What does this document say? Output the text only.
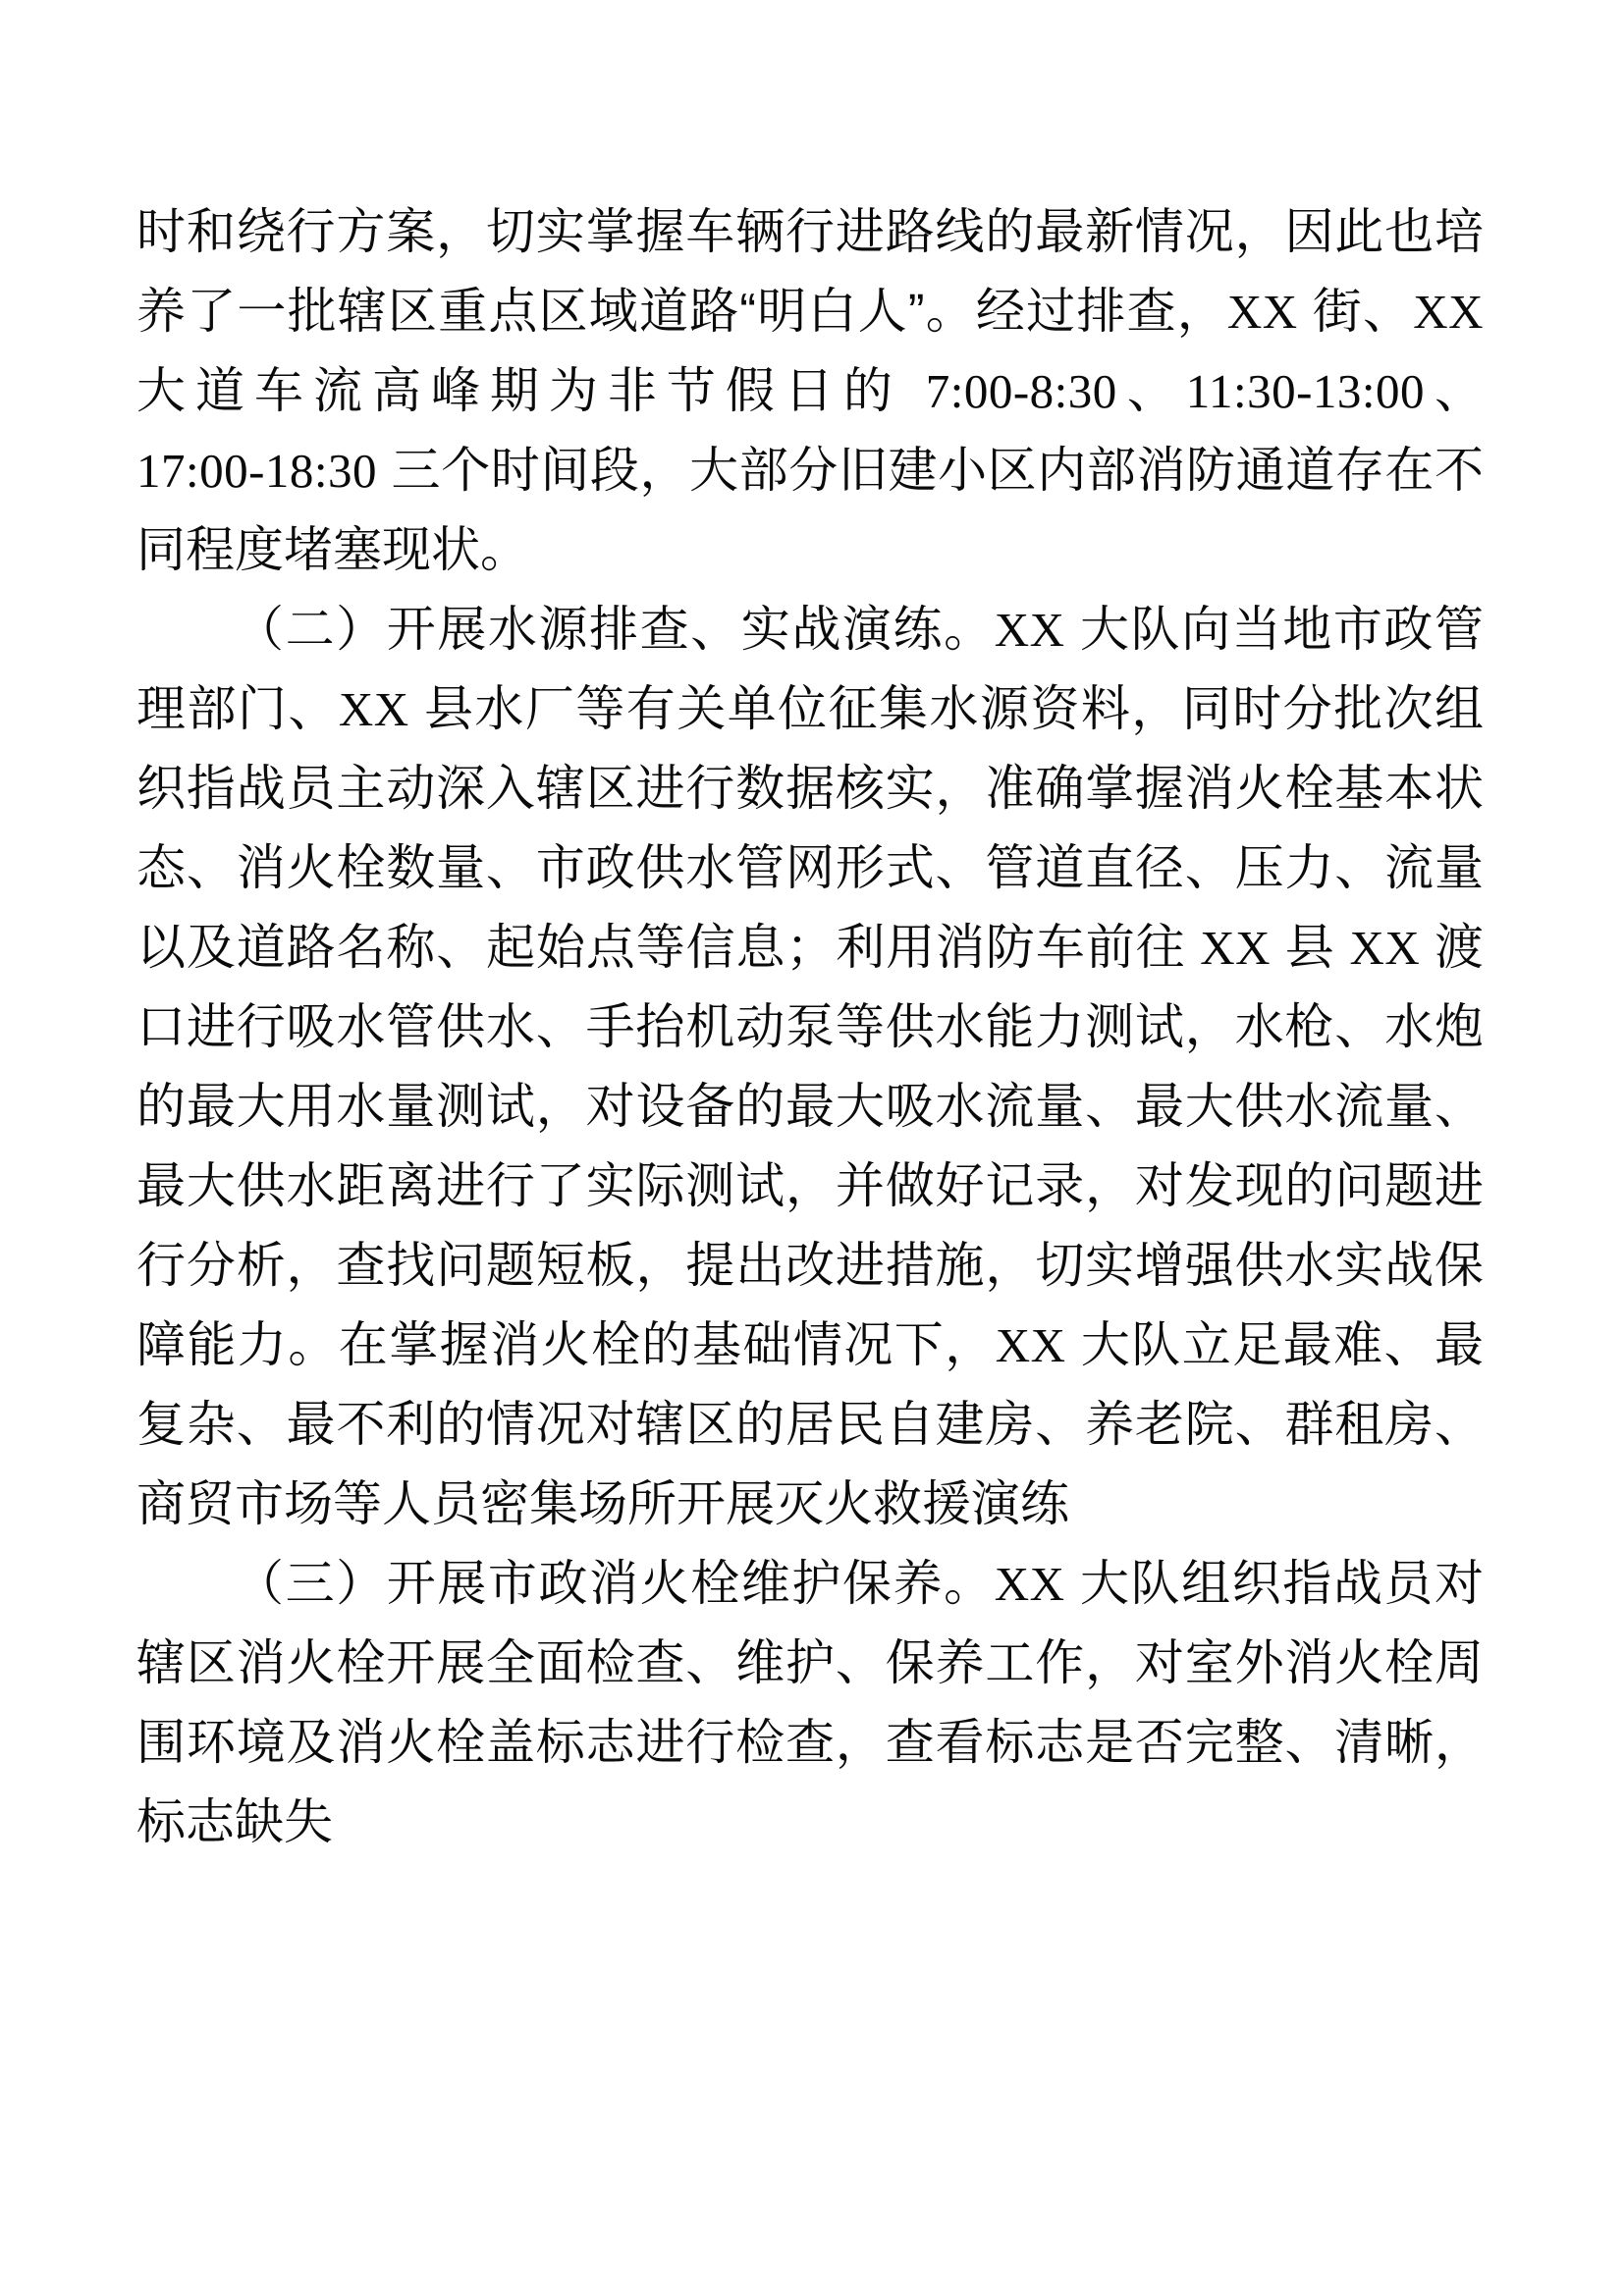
时和绕行方案，切实掌握车辆行进路线的最新情况，因此也培养了一批辖区重点区域道路“明白人”。经过排查，XX 街、XX 大道车流高峰期为非节假日的 7:00-8:30、11:30-13:00、17:00-18:30 三个时间段，大部分旧建小区内部消防通道存在不同程度堵塞现状。

（二）开展水源排查、实战演练。XX 大队向当地市政管理部门、XX 县水厂等有关单位征集水源资料，同时分批次组织指战员主动深入辖区进行数据核实，准确掌握消火栓基本状态、消火栓数量、市政供水管网形式、管道直径、压力、流量以及道路名称、起始点等信息；利用消防车前往 XX 县 XX 渡口进行吸水管供水、手抬机动泵等供水能力测试，水枪、水炮的最大用水量测试，对设备的最大吸水流量、最大供水流量、最大供水距离进行了实际测试，并做好记录，对发现的问题进行分析，查找问题短板，提出改进措施，切实增强供水实战保障能力。在掌握消火栓的基础情况下，XX 大队立足最难、最复杂、最不利的情况对辖区的居民自建房、养老院、群租房、商贸市场等人员密集场所开展灭火救援演练

（三）开展市政消火栓维护保养。XX 大队组织指战员对辖区消火栓开展全面检查、维护、保养工作，对室外消火栓周围环境及消火栓盖标志进行检查，查看标志是否完整、清晰，标志缺失
